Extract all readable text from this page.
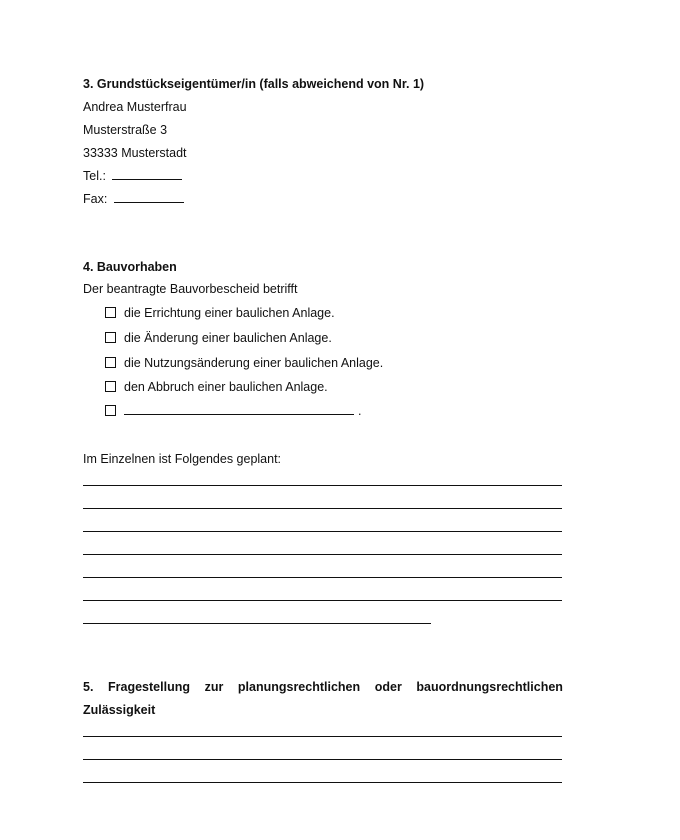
3. Grundstückseigentümer/in (falls abweichend von Nr. 1)
Andrea Musterfrau
Musterstraße 3
33333 Musterstadt
Tel.:
Fax:
4. Bauvorhaben
Der beantragte Bauvorbescheid betrifft
die Errichtung einer baulichen Anlage.
die Änderung einer baulichen Anlage.
die Nutzungsänderung einer baulichen Anlage.
den Abbruch einer baulichen Anlage.
.
Im Einzelnen ist Folgendes geplant:
5. Fragestellung zur planungsrechtlichen oder bauordnungsrechtlichen
Zulässigkeit
